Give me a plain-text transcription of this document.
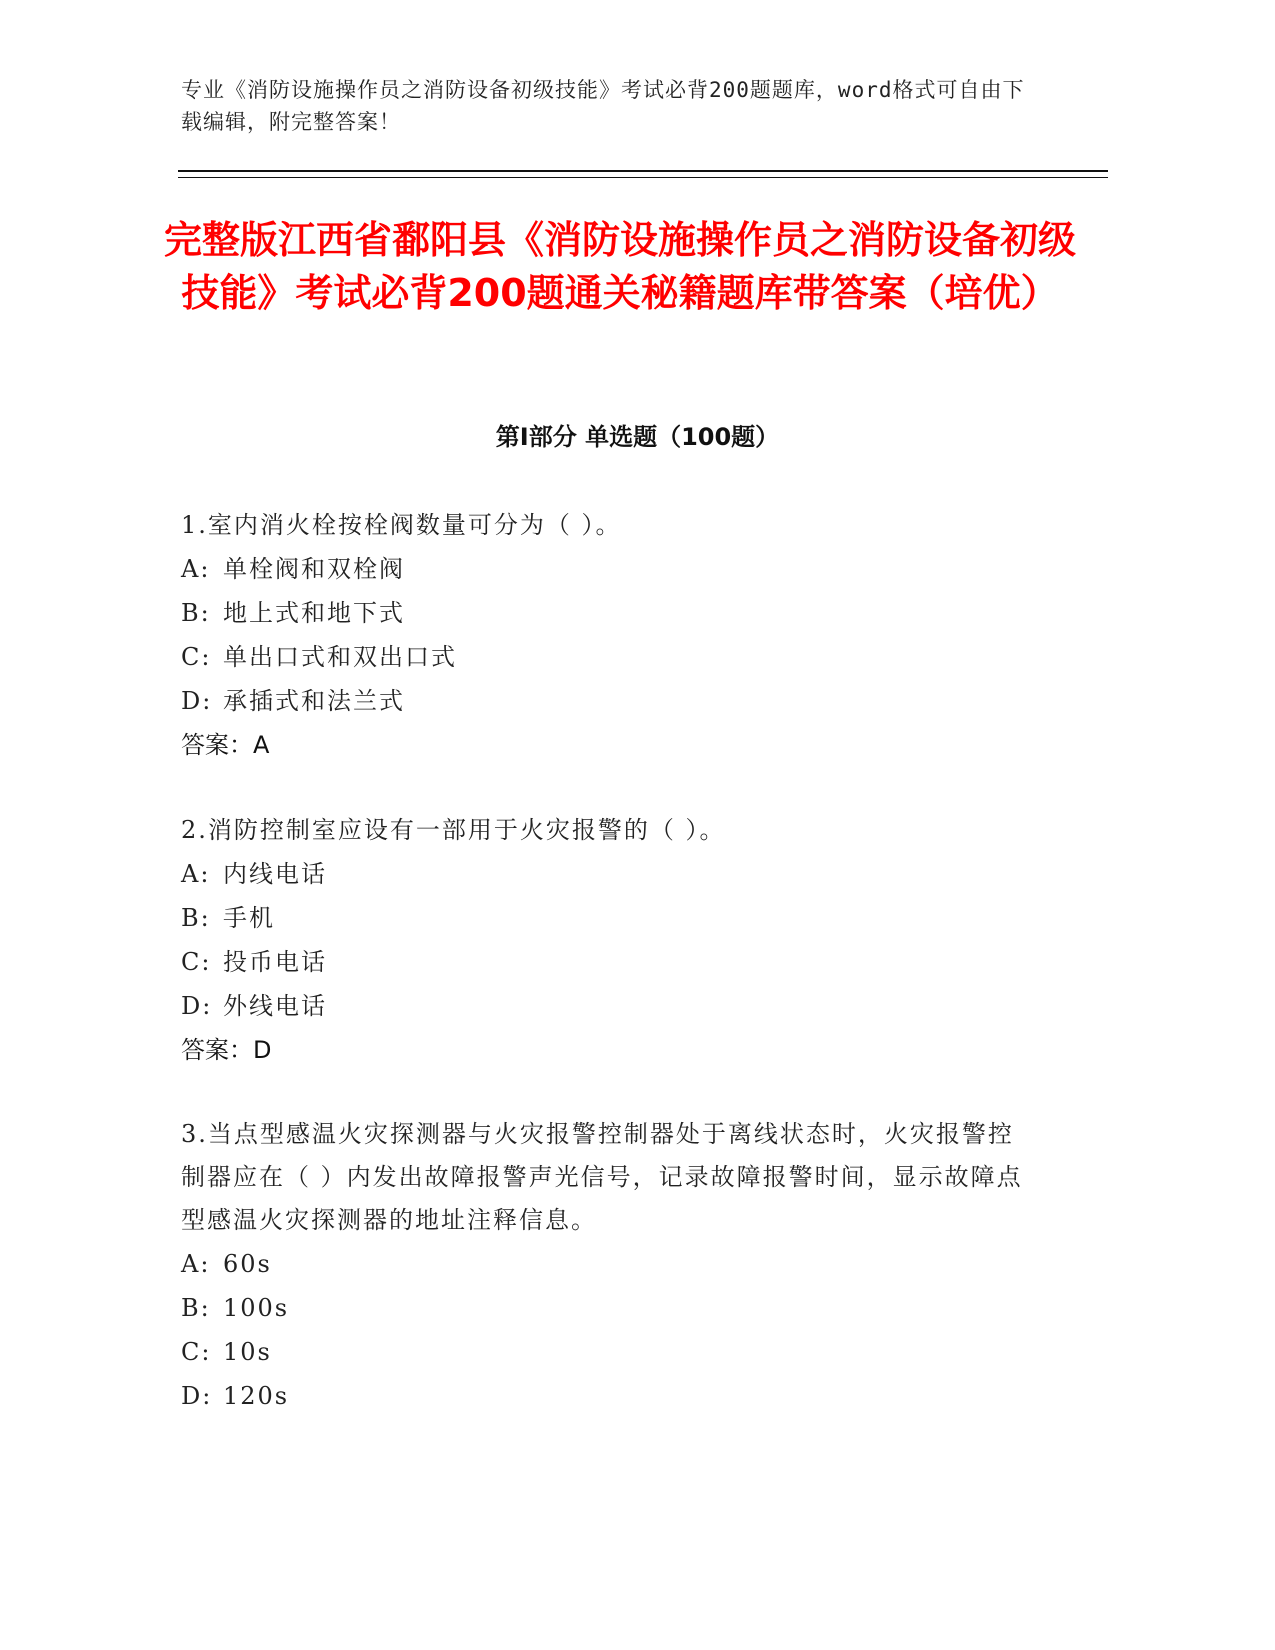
专业《消防设施操作员之消防设备初级技能》考试必背200题题库，word格式可自由下载编辑，附完整答案！

完整版江西省鄱阳县《消防设施操作员之消防设备初级技能》考试必背200题通关秘籍题库带答案（培优）
第Ⅰ部分 单选题（100题）

1.室内消火栓按栓阀数量可分为（ ）。

A: 单栓阀和双栓阀

B: 地上式和地下式

C: 单出口式和双出口式

D: 承插式和法兰式

答案：A

2.消防控制室应设有一部用于火灾报警的（ ）。

A: 内线电话

B: 手机

C: 投币电话

D: 外线电话

答案：D

3.当点型感温火灾探测器与火灾报警控制器处于离线状态时，火灾报警控制器应在（ ）内发出故障报警声光信号，记录故障报警时间，显示故障点型感温火灾探测器的地址注释信息。

A: 60s

B: 100s

C: 10s

D: 120s
